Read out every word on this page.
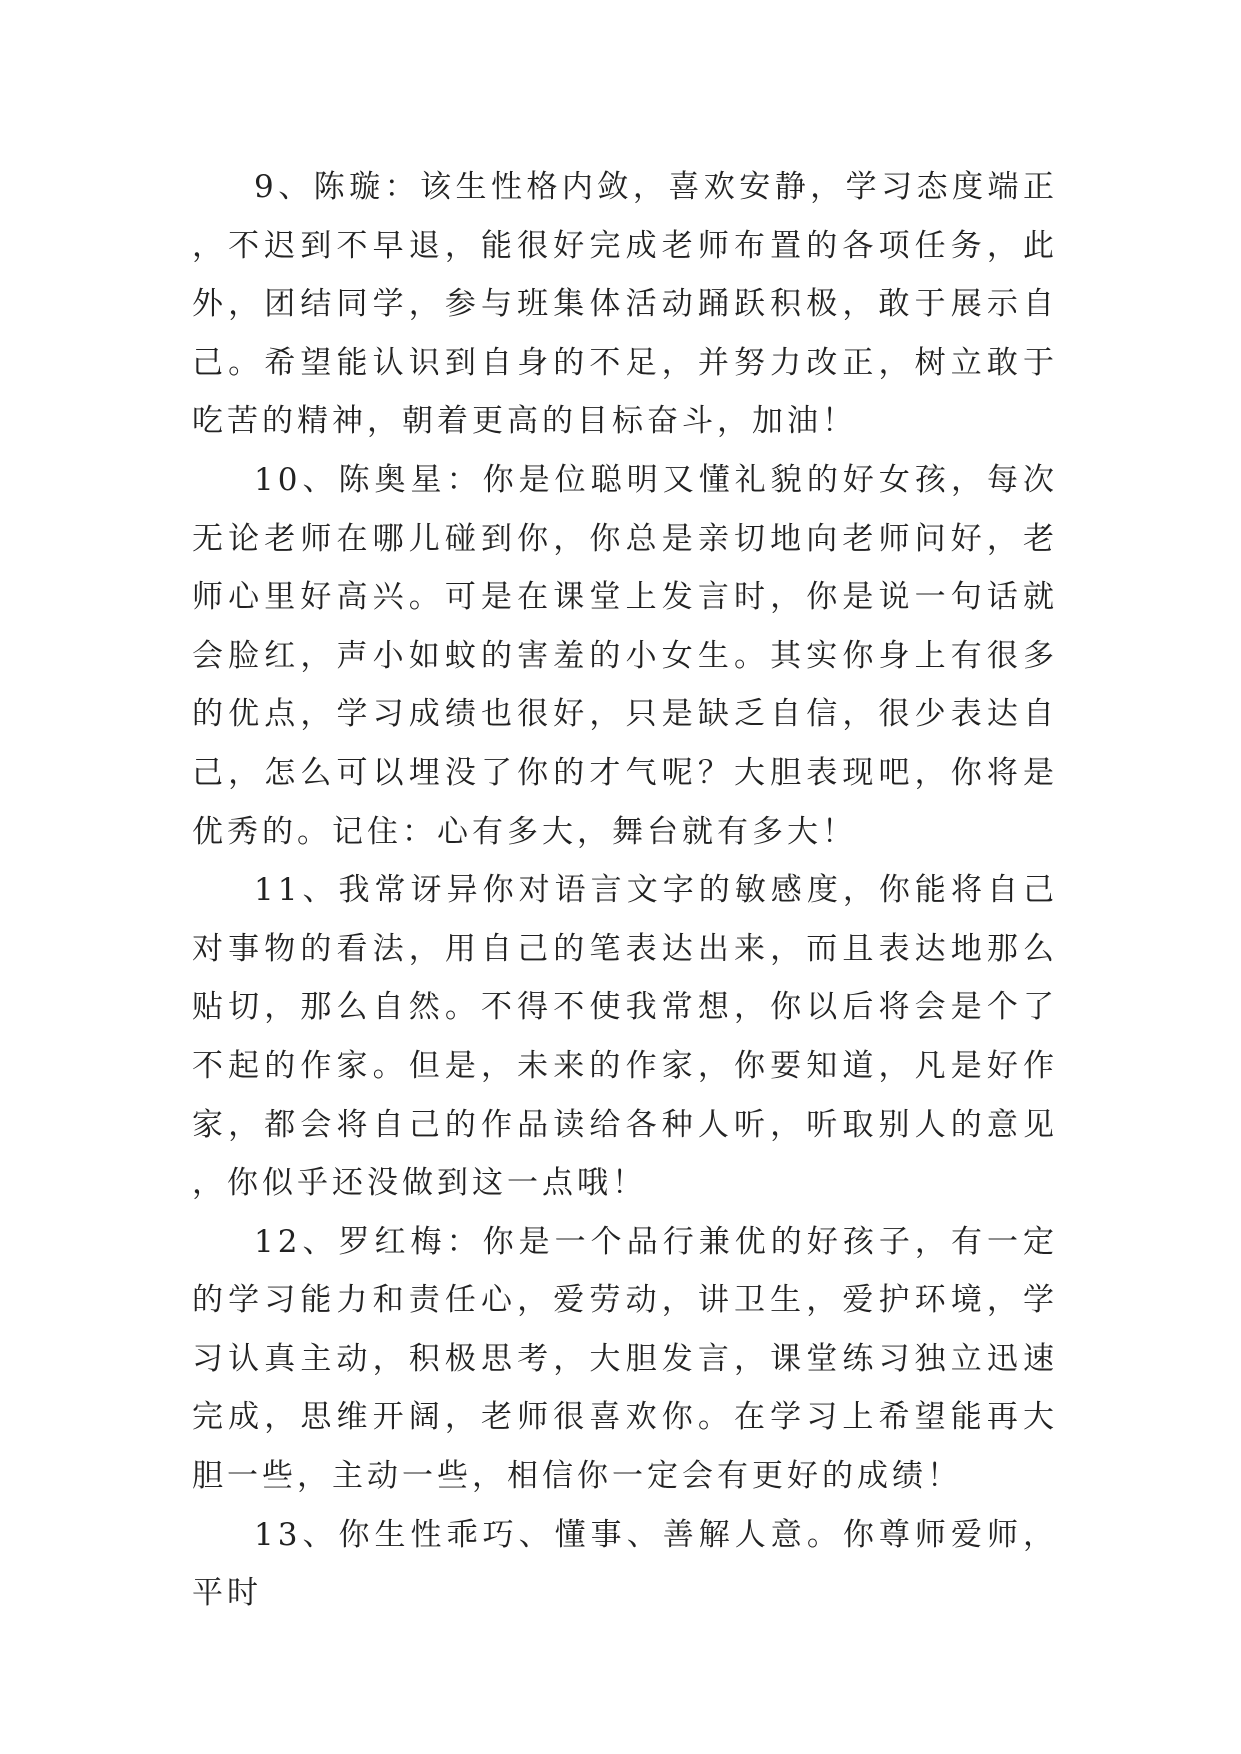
9、陈璇：该生性格内敛，喜欢安静，学习态度端正，不迟到不早退，能很好完成老师布置的各项任务，此外，团结同学，参与班集体活动踊跃积极，敢于展示自己。希望能认识到自身的不足，并努力改正，树立敢于吃苦的精神，朝着更高的目标奋斗，加油！

10、陈奥星：你是位聪明又懂礼貌的好女孩，每次无论老师在哪儿碰到你，你总是亲切地向老师问好，老师心里好高兴。可是在课堂上发言时，你是说一句话就会脸红，声小如蚊的害羞的小女生。其实你身上有很多的优点，学习成绩也很好，只是缺乏自信，很少表达自己，怎么可以埋没了你的才气呢？大胆表现吧，你将是优秀的。记住：心有多大，舞台就有多大！

11、我常讶异你对语言文字的敏感度，你能将自己对事物的看法，用自己的笔表达出来，而且表达地那么贴切，那么自然。不得不使我常想，你以后将会是个了不起的作家。但是，未来的作家，你要知道，凡是好作家，都会将自己的作品读给各种人听，听取别人的意见，你似乎还没做到这一点哦！

12、罗红梅：你是一个品行兼优的好孩子，有一定的学习能力和责任心，爱劳动，讲卫生，爱护环境，学习认真主动，积极思考，大胆发言，课堂练习独立迅速完成，思维开阔，老师很喜欢你。在学习上希望能再大胆一些，主动一些，相信你一定会有更好的成绩！

13、你生性乖巧、懂事、善解人意。你尊师爱师，平时
